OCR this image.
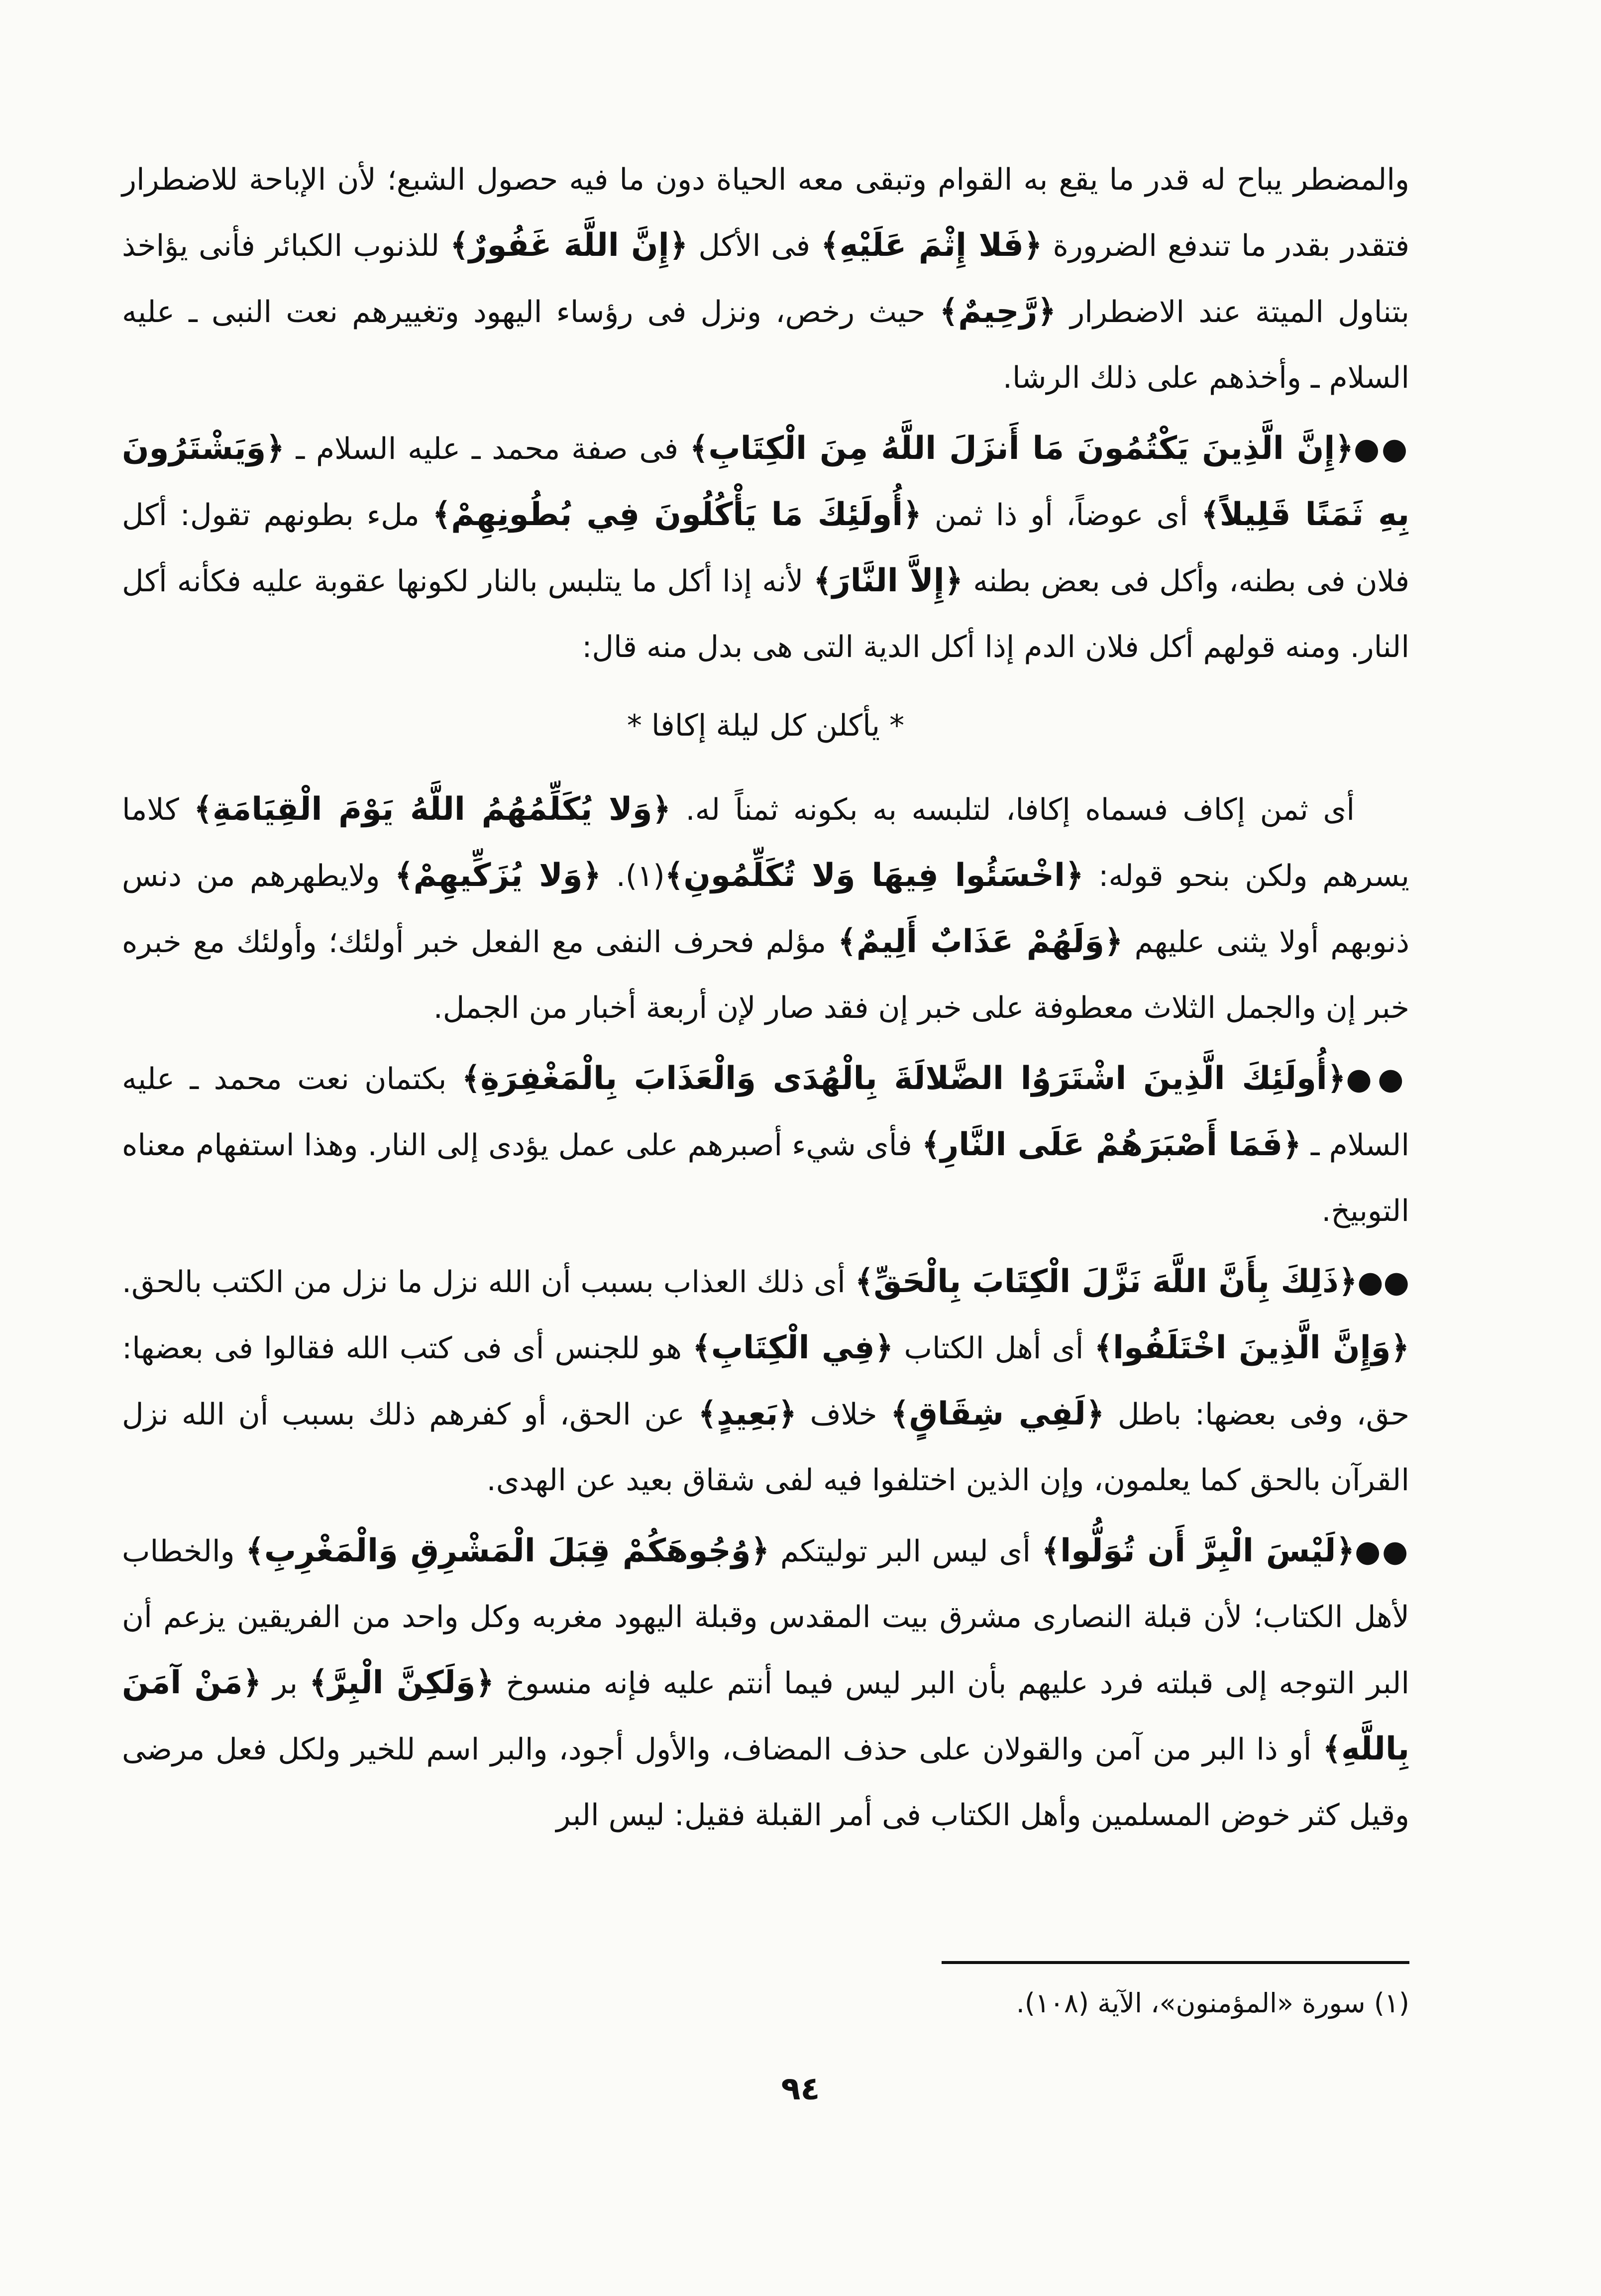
والمضطر يباح له قدر ما يقع به القوام وتبقى معه الحياة دون ما فيه حصول الشبع؛ لأن الإباحة للاضطرار فتقدر بقدر ما تندفع الضرورة ﴿فَلا إِثْمَ عَلَيْهِ﴾ فى الأكل ﴿إِنَّ اللَّهَ غَفُورٌ﴾ للذنوب الكبائر فأنى يؤاخذ بتناول الميتة عند الاضطرار ﴿رَّحِيمٌ﴾ حيث رخص، ونزل فى رؤساء اليهود وتغييرهم نعت النبى ـ عليه السلام ـ وأخذهم على ذلك الرشا.

●●﴿إِنَّ الَّذِينَ يَكْتُمُونَ مَا أَنزَلَ اللَّهُ مِنَ الْكِتَابِ﴾ فى صفة محمد ـ عليه السلام ـ ﴿وَيَشْتَرُونَ بِهِ ثَمَنًا قَلِيلاً﴾ أى عوضاً، أو ذا ثمن ﴿أُولَئِكَ مَا يَأْكُلُونَ فِي بُطُونِهِمْ﴾ ملء بطونهم تقول: أكل فلان فى بطنه، وأكل فى بعض بطنه ﴿إِلاَّ النَّارَ﴾ لأنه إذا أكل ما يتلبس بالنار لكونها عقوبة عليه فكأنه أكل النار. ومنه قولهم أكل فلان الدم إذا أكل الدية التى هى بدل منه قال:

* يأكلن كل ليلة إكافا *

أى ثمن إكاف فسماه إكافا، لتلبسه به بكونه ثمناً له. ﴿وَلا يُكَلِّمُهُمُ اللَّهُ يَوْمَ الْقِيَامَةِ﴾ كلاما يسرهم ولكن بنحو قوله: ﴿اخْسَئُوا فِيهَا وَلا تُكَلِّمُونِ﴾(١). ﴿وَلا يُزَكِّيهِمْ﴾ ولايطهرهم من دنس ذنوبهم أولا يثنى عليهم ﴿وَلَهُمْ عَذَابٌ أَلِيمٌ﴾ مؤلم فحرف النفى مع الفعل خبر أولئك؛ وأولئك مع خبره خبر إن والجمل الثلاث معطوفة على خبر إن فقد صار لإن أربعة أخبار من الجمل.

●●﴿أُولَئِكَ الَّذِينَ اشْتَرَوُا الضَّلالَةَ بِالْهُدَى وَالْعَذَابَ بِالْمَغْفِرَةِ﴾ بكتمان نعت محمد ـ عليه السلام ـ ﴿فَمَا أَصْبَرَهُمْ عَلَى النَّارِ﴾ فأى شيء أصبرهم على عمل يؤدى إلى النار. وهذا استفهام معناه التوبيخ.

●●﴿ذَلِكَ بِأَنَّ اللَّهَ نَزَّلَ الْكِتَابَ بِالْحَقِّ﴾ أى ذلك العذاب بسبب أن الله نزل ما نزل من الكتب بالحق. ﴿وَإِنَّ الَّذِينَ اخْتَلَفُوا﴾ أى أهل الكتاب ﴿فِي الْكِتَابِ﴾ هو للجنس أى فى كتب الله فقالوا فى بعضها: حق، وفى بعضها: باطل ﴿لَفِي شِقَاقٍ﴾ خلاف ﴿بَعِيدٍ﴾ عن الحق، أو كفرهم ذلك بسبب أن الله نزل القرآن بالحق كما يعلمون، وإن الذين اختلفوا فيه لفى شقاق بعيد عن الهدى.

●●﴿لَيْسَ الْبِرَّ أَن تُوَلُّوا﴾ أى ليس البر توليتكم ﴿وُجُوهَكُمْ قِبَلَ الْمَشْرِقِ وَالْمَغْرِبِ﴾ والخطاب لأهل الكتاب؛ لأن قبلة النصارى مشرق بيت المقدس وقبلة اليهود مغربه وكل واحد من الفريقين يزعم أن البر التوجه إلى قبلته فرد عليهم بأن البر ليس فيما أنتم عليه فإنه منسوخ ﴿وَلَكِنَّ الْبِرَّ﴾ بر ﴿مَنْ آمَنَ بِاللَّهِ﴾ أو ذا البر من آمن والقولان على حذف المضاف، والأول أجود، والبر اسم للخير ولكل فعل مرضى وقيل كثر خوض المسلمين وأهل الكتاب فى أمر القبلة فقيل: ليس البر

(١) سورة «المؤمنون»، الآية (١٠٨).
٩٤
